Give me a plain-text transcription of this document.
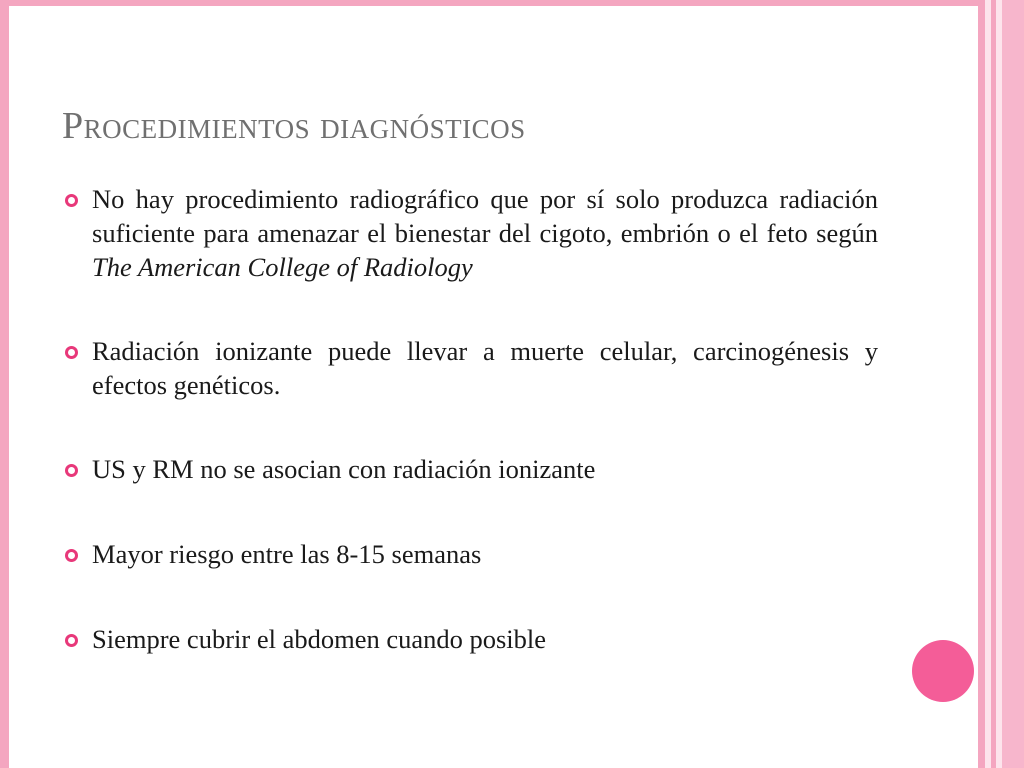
Procedimientos diagnósticos
No hay procedimiento radiográfico que por sí solo produzca radiación suficiente para amenazar el bienestar del cigoto, embrión o el feto según The American College of Radiology
Radiación ionizante puede llevar a muerte celular, carcinogénesis y efectos genéticos.
US y RM no se asocian con radiación ionizante
Mayor riesgo entre las 8-15 semanas
Siempre cubrir el abdomen cuando posible
